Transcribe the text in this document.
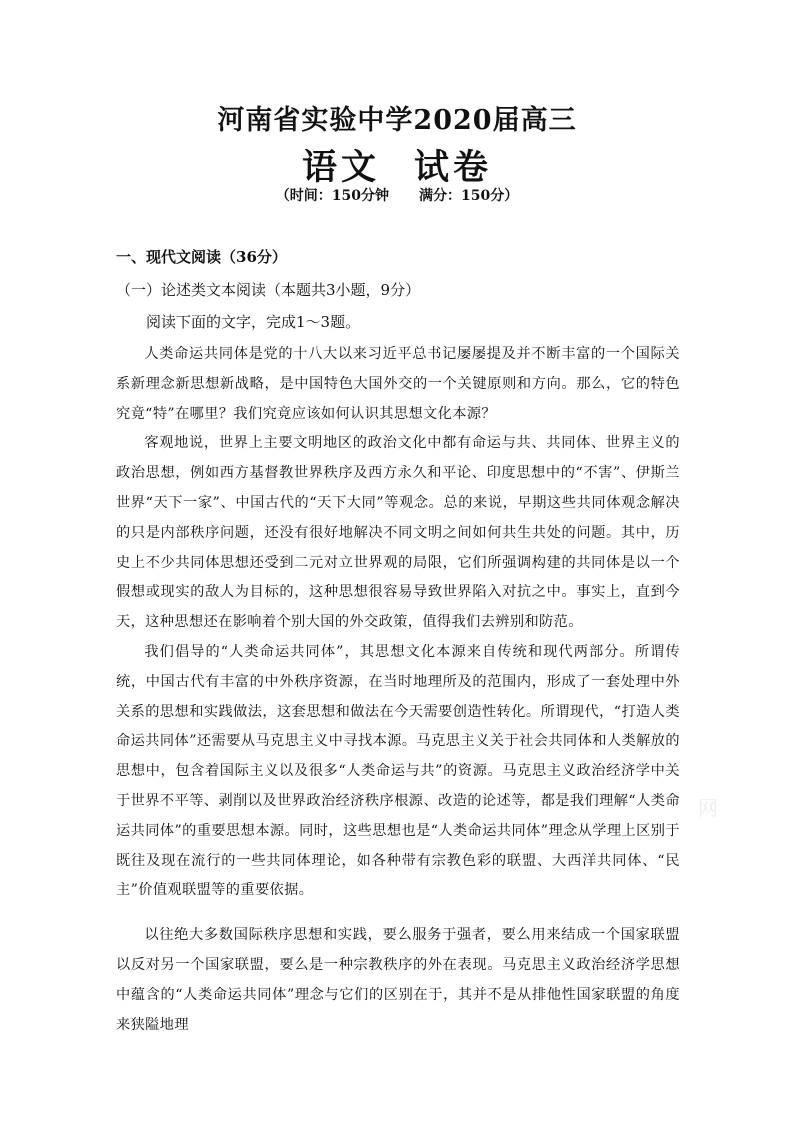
河南省实验中学2020届高三
语文 试卷
（时间：150分钟 满分：150分）
一、现代文阅读（36分）
（一）论述类文本阅读（本题共3小题，9分）
阅读下面的文字，完成1～3题。

人类命运共同体是党的十八大以来习近平总书记屡屡提及并不断丰富的一个国际关系新理念新思想新战略，是中国特色大国外交的一个关键原则和方向。那么，它的特色究竟“特”在哪里？我们究竟应该如何认识其思想文化本源？

客观地说，世界上主要文明地区的政治文化中都有命运与共、共同体、世界主义的政治思想，例如西方基督教世界秩序及西方永久和平论、印度思想中的“不害”、伊斯兰世界“天下一家”、中国古代的“天下大同”等观念。总的来说，早期这些共同体观念解决的只是内部秩序问题，还没有很好地解决不同文明之间如何共生共处的问题。其中，历史上不少共同体思想还受到二元对立世界观的局限，它们所强调构建的共同体是以一个假想或现实的敌人为目标的，这种思想很容易导致世界陷入对抗之中。事实上，直到今天，这种思想还在影响着个别大国的外交政策，值得我们去辨别和防范。

我们倡导的“人类命运共同体”，其思想文化本源来自传统和现代两部分。所谓传统，中国古代有丰富的中外秩序资源，在当时地理所及的范围内，形成了一套处理中外关系的思想和实践做法，这套思想和做法在今天需要创造性转化。所谓现代，“打造人类命运共同体”还需要从马克思主义中寻找本源。马克思主义关于社会共同体和人类解放的思想中，包含着国际主义以及很多“人类命运与共”的资源。马克思主义政治经济学中关于世界不平等、剥削以及世界政治经济秩序根源、改造的论述等，都是我们理解“人类命运共同体”的重要思想本源。同时，这些思想也是“人类命运共同体”理念从学理上区别于既往及现在流行的一些共同体理论，如各种带有宗教色彩的联盟、大西洋共同体、“民主”价值观联盟等的重要依据。

以往绝大多数国际秩序思想和实践，要么服务于强者，要么用来结成一个国家联盟以反对另一个国家联盟，要么是一种宗教秩序的外在表现。马克思主义政治经济学思想中蕴含的“人类命运共同体”理念与它们的区别在于，其并不是从排他性国家联盟的角度来狭隘地理

网
